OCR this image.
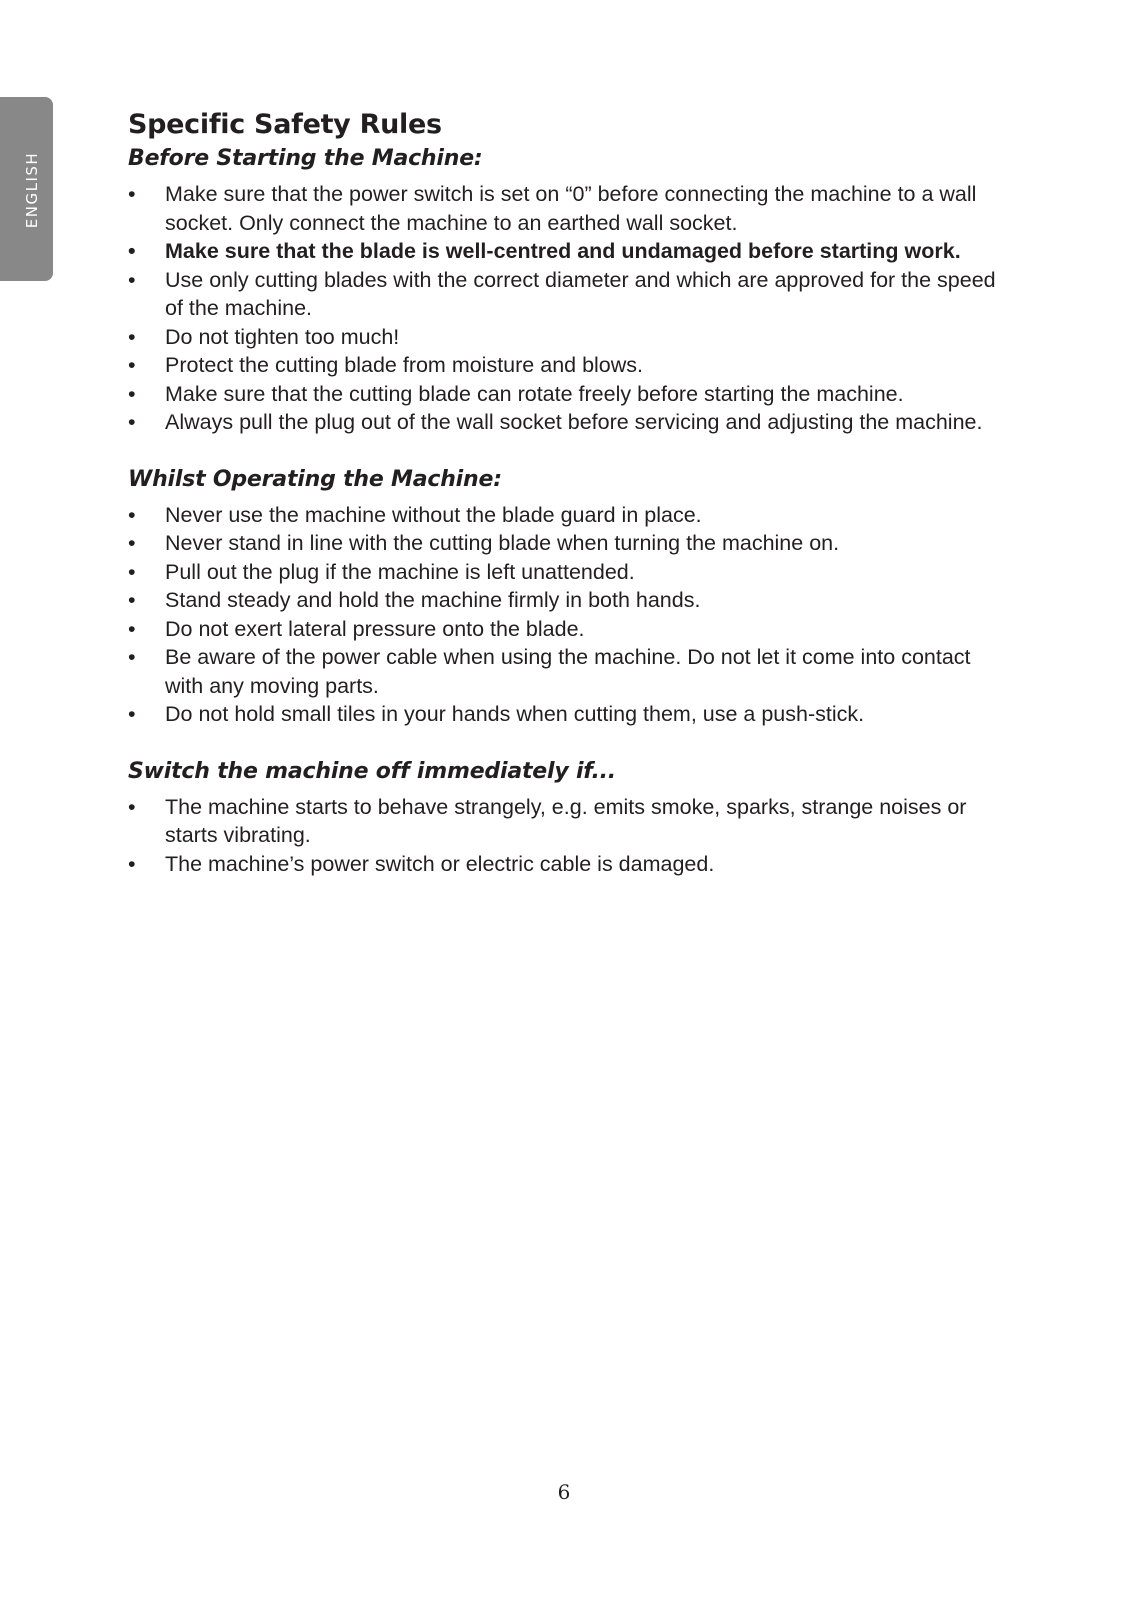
ENGLISH
Specific Safety Rules
Before Starting the Machine:
• Make sure that the power switch is set on “0” before connecting the machine to a wall socket. Only connect the machine to an earthed wall socket.
• Make sure that the blade is well-centred and undamaged before starting work.
• Use only cutting blades with the correct diameter and which are approved for the speed of the machine.
• Do not tighten too much!
• Protect the cutting blade from moisture and blows.
• Make sure that the cutting blade can rotate freely before starting the machine.
• Always pull the plug out of the wall socket before servicing and adjusting the machine.
Whilst Operating the Machine:
• Never use the machine without the blade guard in place.
• Never stand in line with the cutting blade when turning the machine on.
• Pull out the plug if the machine is left unattended.
• Stand steady and hold the machine firmly in both hands.
• Do not exert lateral pressure onto the blade.
• Be aware of the power cable when using the machine. Do not let it come into contact with any moving parts.
• Do not hold small tiles in your hands when cutting them, use a push-stick.
Switch the machine off immediately if...
• The machine starts to behave strangely, e.g. emits smoke, sparks, strange noises or starts vibrating.
• The machine’s power switch or electric cable is damaged.
6
